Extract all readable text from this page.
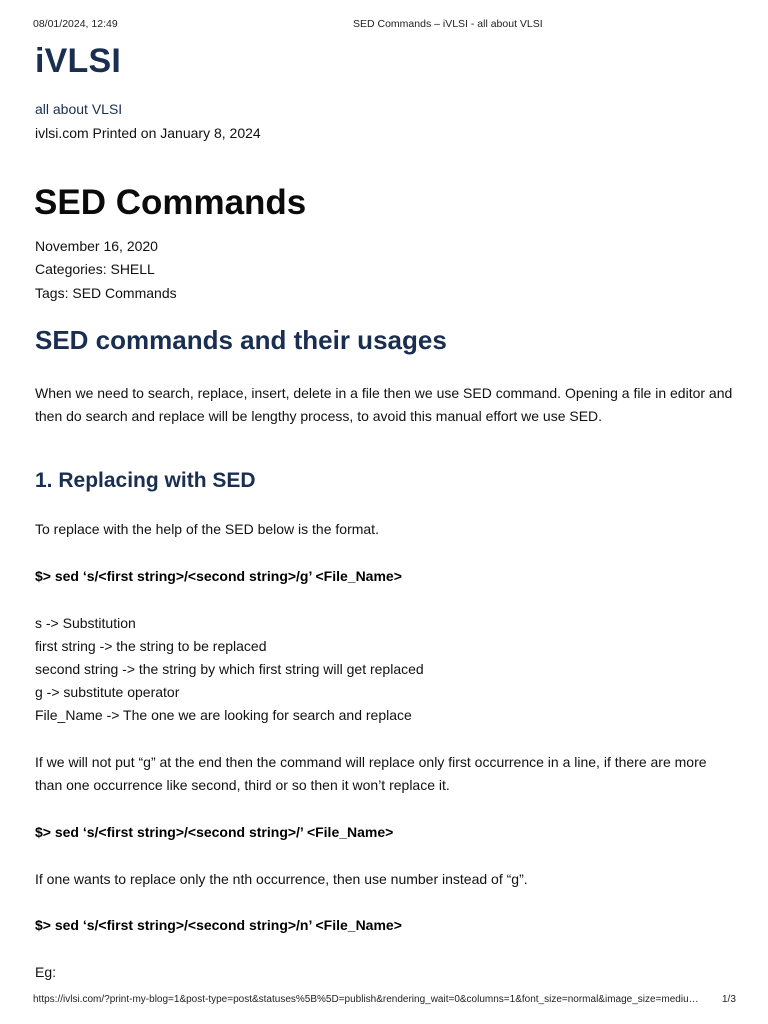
08/01/2024, 12:49	SED Commands – iVLSI - all about VLSI
iVLSI
all about VLSI
ivlsi.com Printed on January 8, 2024
SED Commands
November 16, 2020
Categories: SHELL
Tags: SED Commands
SED commands and their usages
When we need to search, replace, insert, delete in a file then we use SED command. Opening a file in editor and then do search and replace will be lengthy process, to avoid this manual effort we use SED.
1. Replacing with SED
To replace with the help of the SED below is the format.
$> sed ‘s/<first string>/<second string>/g’ <File_Name>
s -> Substitution
first string -> the string to be replaced
second string -> the string by which first string will get replaced
g -> substitute operator
File_Name -> The one we are looking for search and replace
If we will not put “g” at the end then the command will replace only first occurrence in a line, if there are more than one occurrence like second, third or so then it won’t replace it.
$> sed ‘s/<first string>/<second string>/’ <File_Name>
If one wants to replace only the nth occurrence, then use number instead of “g”.
$> sed ‘s/<first string>/<second string>/n’ <File_Name>
Eg:
https://ivlsi.com/?print-my-blog=1&post-type=post&statuses%5B%5D=publish&rendering_wait=0&columns=1&font_size=normal&image_size=mediu…	1/3
